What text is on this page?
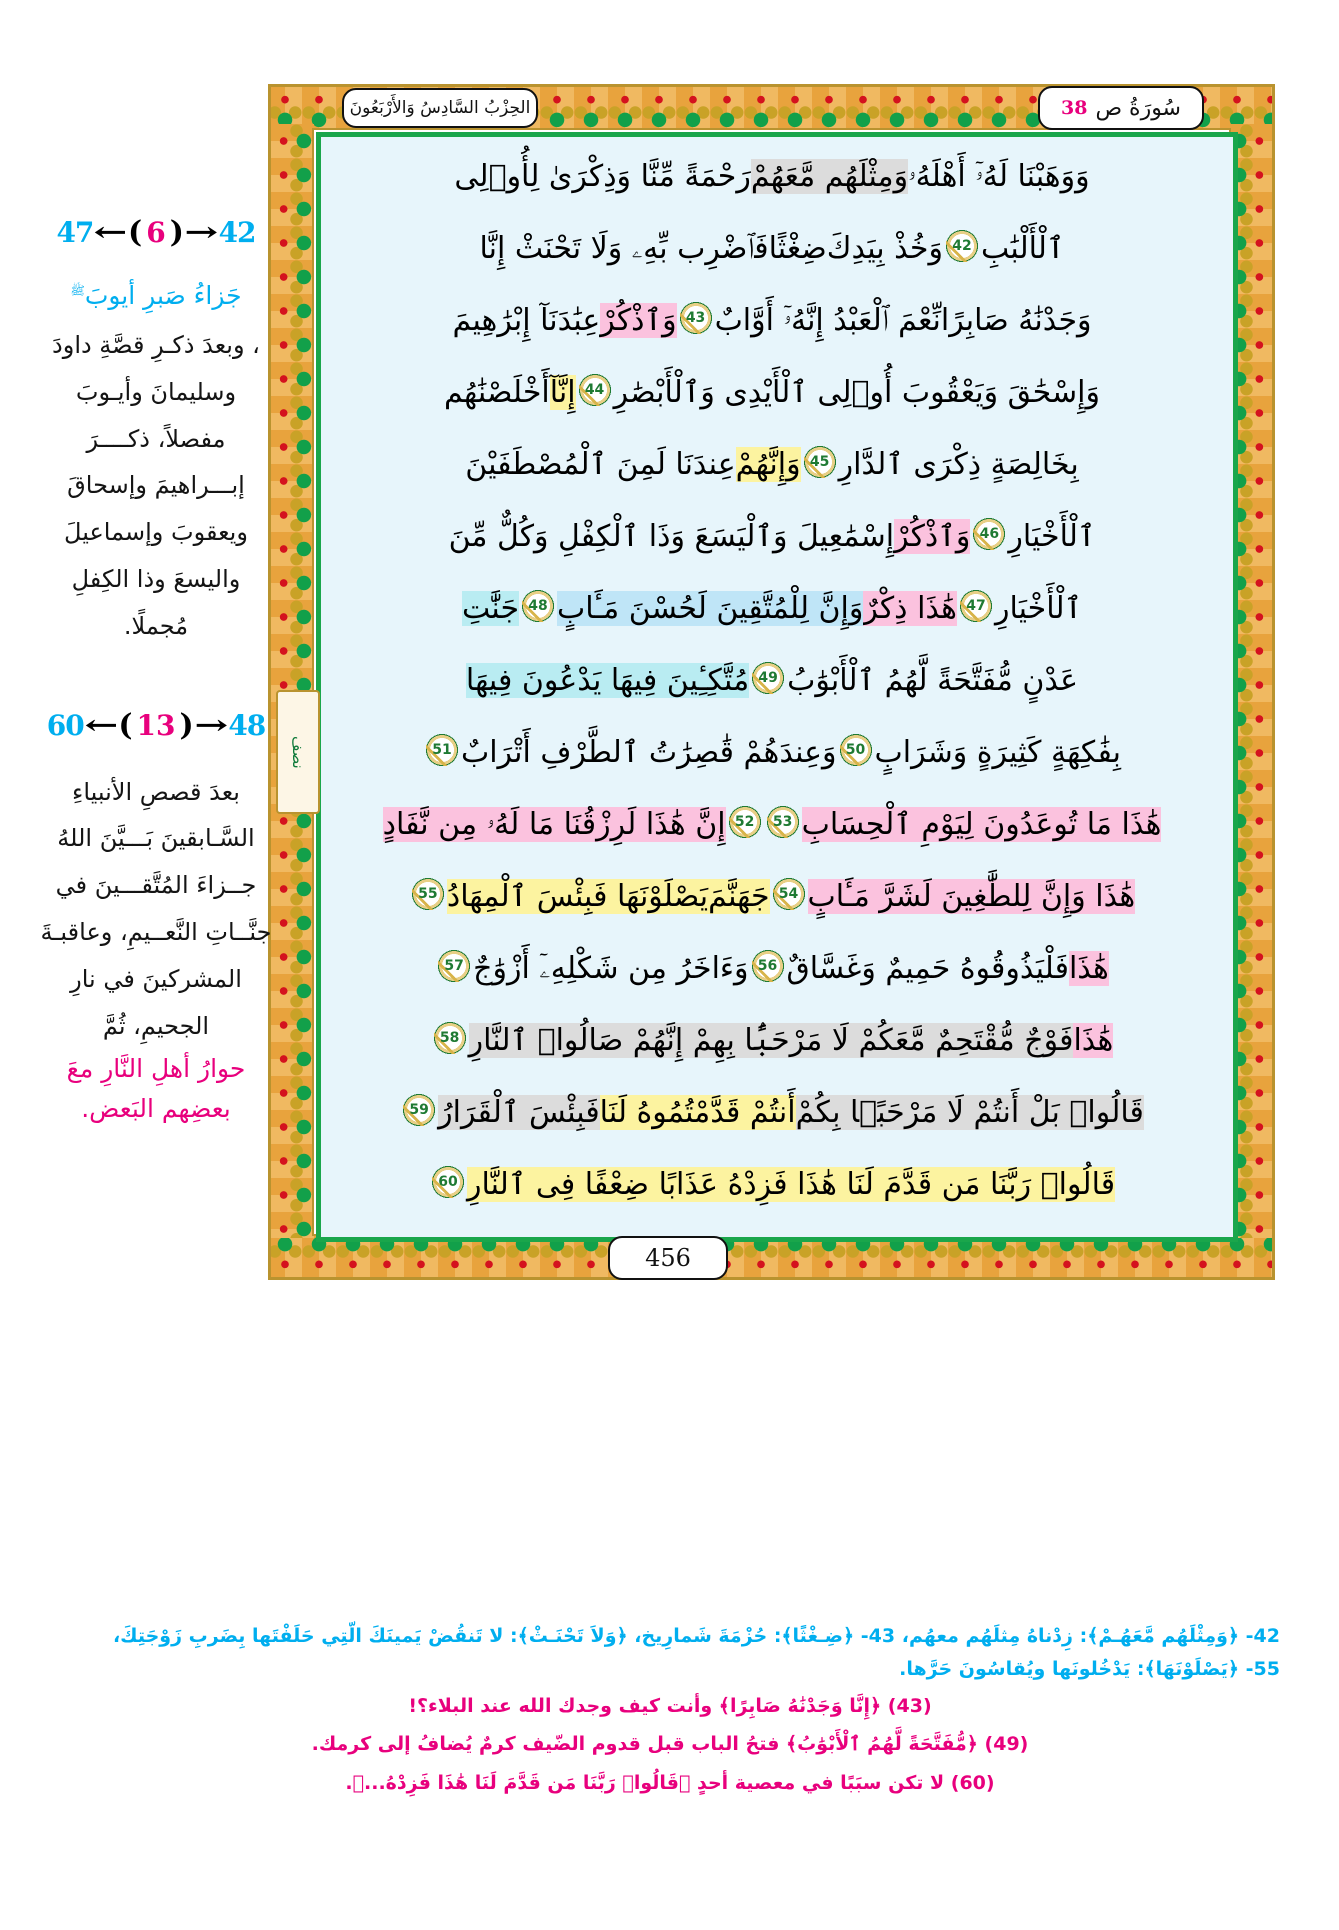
الحِزْبُ السَّادِسُ وَالأَرْبَعُونَ	38 سُورَةُ ص
وَوَهَبْنَا لَهُۥٓ أَهْلَهُۥ
وَمِثْلَهُم مَّعَهُمْ
رَحْمَةً مِّنَّا وَذِكْرَىٰ لِأُو۟لِى
ٱلْأَلْبَٰبِ
42
وَخُذْ بِيَدِكَ
ضِغْثًا
فَٱضْرِب بِّهِۦ وَلَا تَحْنَثْ إِنَّا
وَجَدْنَٰهُ صَابِرًا
نِّعْمَ ٱلْعَبْدُ إِنَّهُۥٓ أَوَّابٌ
43
وَٱذْكُرْ
عِبَٰدَنَآ إِبْرَٰهِيمَ
وَإِسْحَٰقَ وَيَعْقُوبَ أُو۟لِى ٱلْأَيْدِى وَٱلْأَبْصَٰرِ
44
إِنَّآ
أَخْلَصْنَٰهُم
بِخَالِصَةٍ ذِكْرَى ٱلدَّارِ
45
وَإِنَّهُمْ
عِندَنَا لَمِنَ ٱلْمُصْطَفَيْنَ
ٱلْأَخْيَارِ
46
وَٱذْكُرْ
إِسْمَٰعِيلَ وَٱلْيَسَعَ وَذَا ٱلْكِفْلِ وَكُلٌّ مِّنَ
ٱلْأَخْيَارِ
47
هَٰذَا ذِكْرٌ
وَإِنَّ لِلْمُتَّقِينَ لَحُسْنَ مَـَٔابٍ
48
جَنَّٰتِ
عَدْنٍ مُّفَتَّحَةً لَّهُمُ ٱلْأَبْوَٰبُ
49
مُتَّكِـِٔينَ فِيهَا يَدْعُونَ فِيهَا
بِفَٰكِهَةٍ كَثِيرَةٍ وَشَرَابٍ
50
وَعِندَهُمْ قَٰصِرَٰتُ ٱلطَّرْفِ أَتْرَابٌ
51
هَٰذَا مَا تُوعَدُونَ لِيَوْمِ ٱلْحِسَابِ
53
52
إِنَّ هَٰذَا لَرِزْقُنَا مَا لَهُۥ مِن نَّفَادٍ
هَٰذَا وَإِنَّ لِلطَّٰغِينَ لَشَرَّ مَـَٔابٍ
54
جَهَنَّمَ
يَصْلَوْنَهَا فَبِئْسَ ٱلْمِهَادُ
55
هَٰذَا
فَلْيَذُوقُوهُ حَمِيمٌ وَغَسَّاقٌ
56
وَءَاخَرُ مِن شَكْلِهِۦٓ أَزْوَٰجٌ
57
هَٰذَا
فَوْجٌ مُّقْتَحِمٌ مَّعَكُمْ لَا مَرْحَبًۢا بِهِمْ إِنَّهُمْ صَالُوا۟ ٱلنَّارِ
58
قَالُوا۟ بَلْ أَنتُمْ لَا مَرْحَبًۢا بِكُمْ
أَنتُمْ قَدَّمْتُمُوهُ لَنَا
فَبِئْسَ ٱلْقَرَارُ
59
قَالُوا۟ رَبَّنَا مَن قَدَّمَ لَنَا هَٰذَا فَزِدْهُ عَذَابًا ضِعْفًا فِى ٱلنَّارِ
60
نصف
456
47 ← ( 6 ) → 42
جَزاءُ صَبرِ أيوبَ$^ﷺ$
، وبعدَ ذكـرِ قصَّةِ داودَ وسليمانَ وأيـوبَ مفصلاً، ذكــــرَ إبـــراهيمَ وإسحاقَ ويعقوبَ وإسماعيلَ واليسعَ وذا الكِفلِ مُجملًا.
60 ← ( 13 ) → 48
بعدَ قصصِ الأنبياءِ السَّـابقينَ بَـــيَّنَ اللهُ جــزاءَ المُتَّقـــينَ في جنَّــاتِ النَّعــيمِ، وعاقبـةَ المشركينَ في نارِ الجحيمِ، ثُمَّ
حوارُ أهلِ النَّارِ معَ بعضِهم البَعض.
42- ﴿وَمِثْلَهُم مَّعَهُـمْ﴾: زِدْناهُ مِثلَهُم معهُم، 43- ﴿ضِـغْثًا﴾: حُزْمَةَ شَمارِيخ، ﴿وَلاَ تَحْنَـثْ﴾: لا تَنقُضْ يَمينَكَ الّتِي حَلَفْتَها بِضَربِ زَوْجَتِكَ،
55- ﴿يَصْلَوْنَهَا﴾: يَدْخُلونَها ويُقاسُونَ حَرَّها.
(43) ﴿إِنَّا وَجَدْنَٰهُ صَابِرًا﴾ وأنت كيف وجدك الله عند البلاء؟!
(49) ﴿مُّفَتَّحَةً لَّهُمُ ٱلْأَبْوَٰبُ﴾ فتحُ الباب قبل قدوم الضّيف كرمٌ يُضافُ إلى كرمك.
(60) لا تكن سبَبًا في معصية أحدٍ ﴿قَالُوا۟ رَبَّنَا مَن قَدَّمَ لَنَا هَٰذَا فَزِدْهُ...﴾.
